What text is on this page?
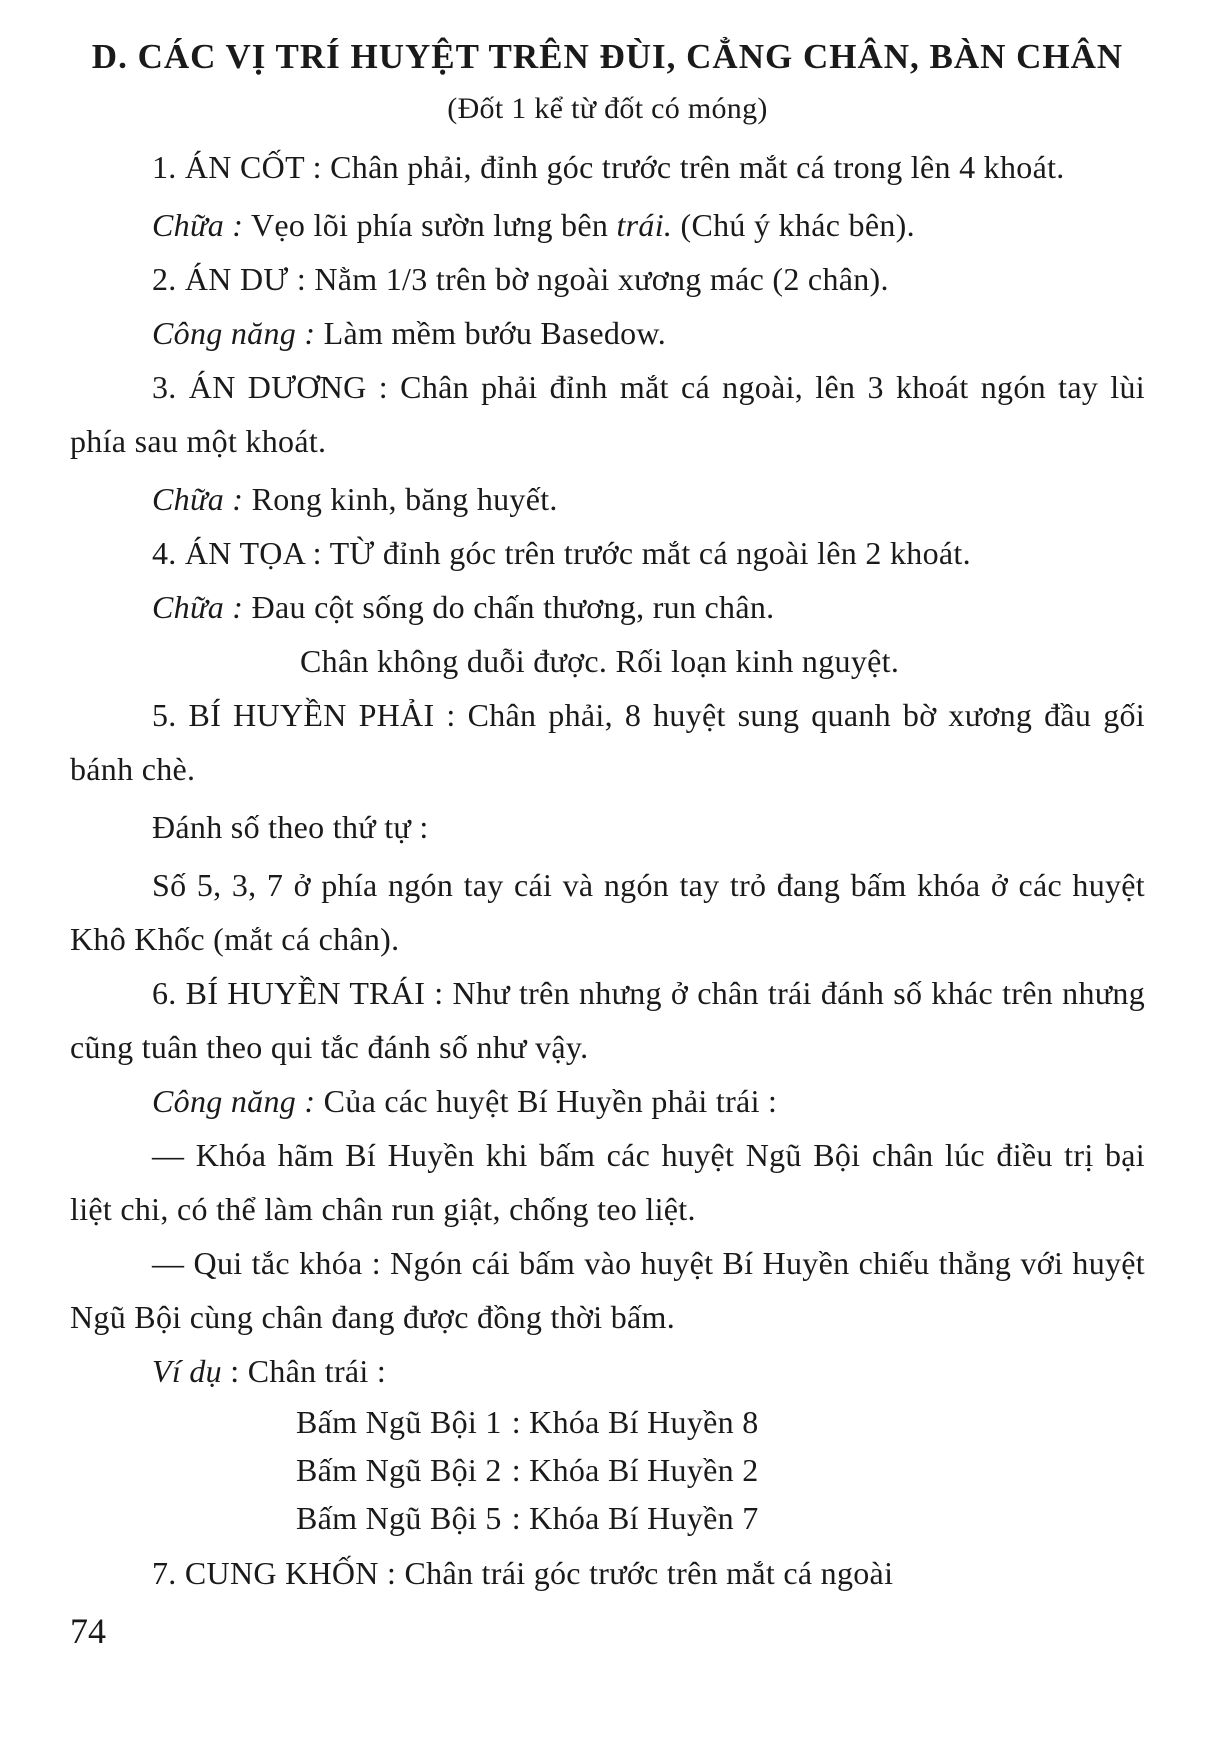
D. CÁC VỊ TRÍ HUYỆT TRÊN ĐÙI, CẲNG CHÂN, BÀN CHÂN

(Đốt 1 kể từ đốt có móng)

1. ÁN CỐT : Chân phải, đỉnh góc trước trên mắt cá trong lên 4 khoát.

Chữa : Vẹo lõi phía sườn lưng bên trái. (Chú ý khác bên).

2. ÁN DƯ : Nằm 1/3 trên bờ ngoài xương mác (2 chân).

Công năng : Làm mềm bướu Basedow.

3. ÁN DƯƠNG : Chân phải đỉnh mắt cá ngoài, lên 3 khoát ngón tay lùi phía sau một khoát.

Chữa : Rong kinh, băng huyết.

4. ÁN TỌA : TỪ đỉnh góc trên trước mắt cá ngoài lên 2 khoát.

Chữa : Đau cột sống do chấn thương, run chân.

Chân không duỗi được. Rối loạn kinh nguyệt.

5. BÍ HUYỀN PHẢI : Chân phải, 8 huyệt sung quanh bờ xương đầu gối bánh chè.

Đánh số theo thứ tự :

Số 5, 3, 7 ở phía ngón tay cái và ngón tay trỏ đang bấm khóa ở các huyệt Khô Khốc (mắt cá chân).

6. BÍ HUYỀN TRÁI : Như trên nhưng ở chân trái đánh số khác trên nhưng cũng tuân theo qui tắc đánh số như vậy.

Công năng : Của các huyệt Bí Huyền phải trái :

— Khóa hãm Bí Huyền khi bấm các huyệt Ngũ Bội chân lúc điều trị bại liệt chi, có thể làm chân run giật, chống teo liệt.

— Qui tắc khóa : Ngón cái bấm vào huyệt Bí Huyền chiếu thẳng với huyệt Ngũ Bội cùng chân đang được đồng thời bấm.

Ví dụ : Chân trái :

Bấm Ngũ Bội 1	: Khóa Bí Huyền 8
Bấm Ngũ Bội 2	: Khóa Bí Huyền 2
Bấm Ngũ Bội 5	: Khóa Bí Huyền 7

7. CUNG KHỐN : Chân trái góc trước trên mắt cá ngoài

74
